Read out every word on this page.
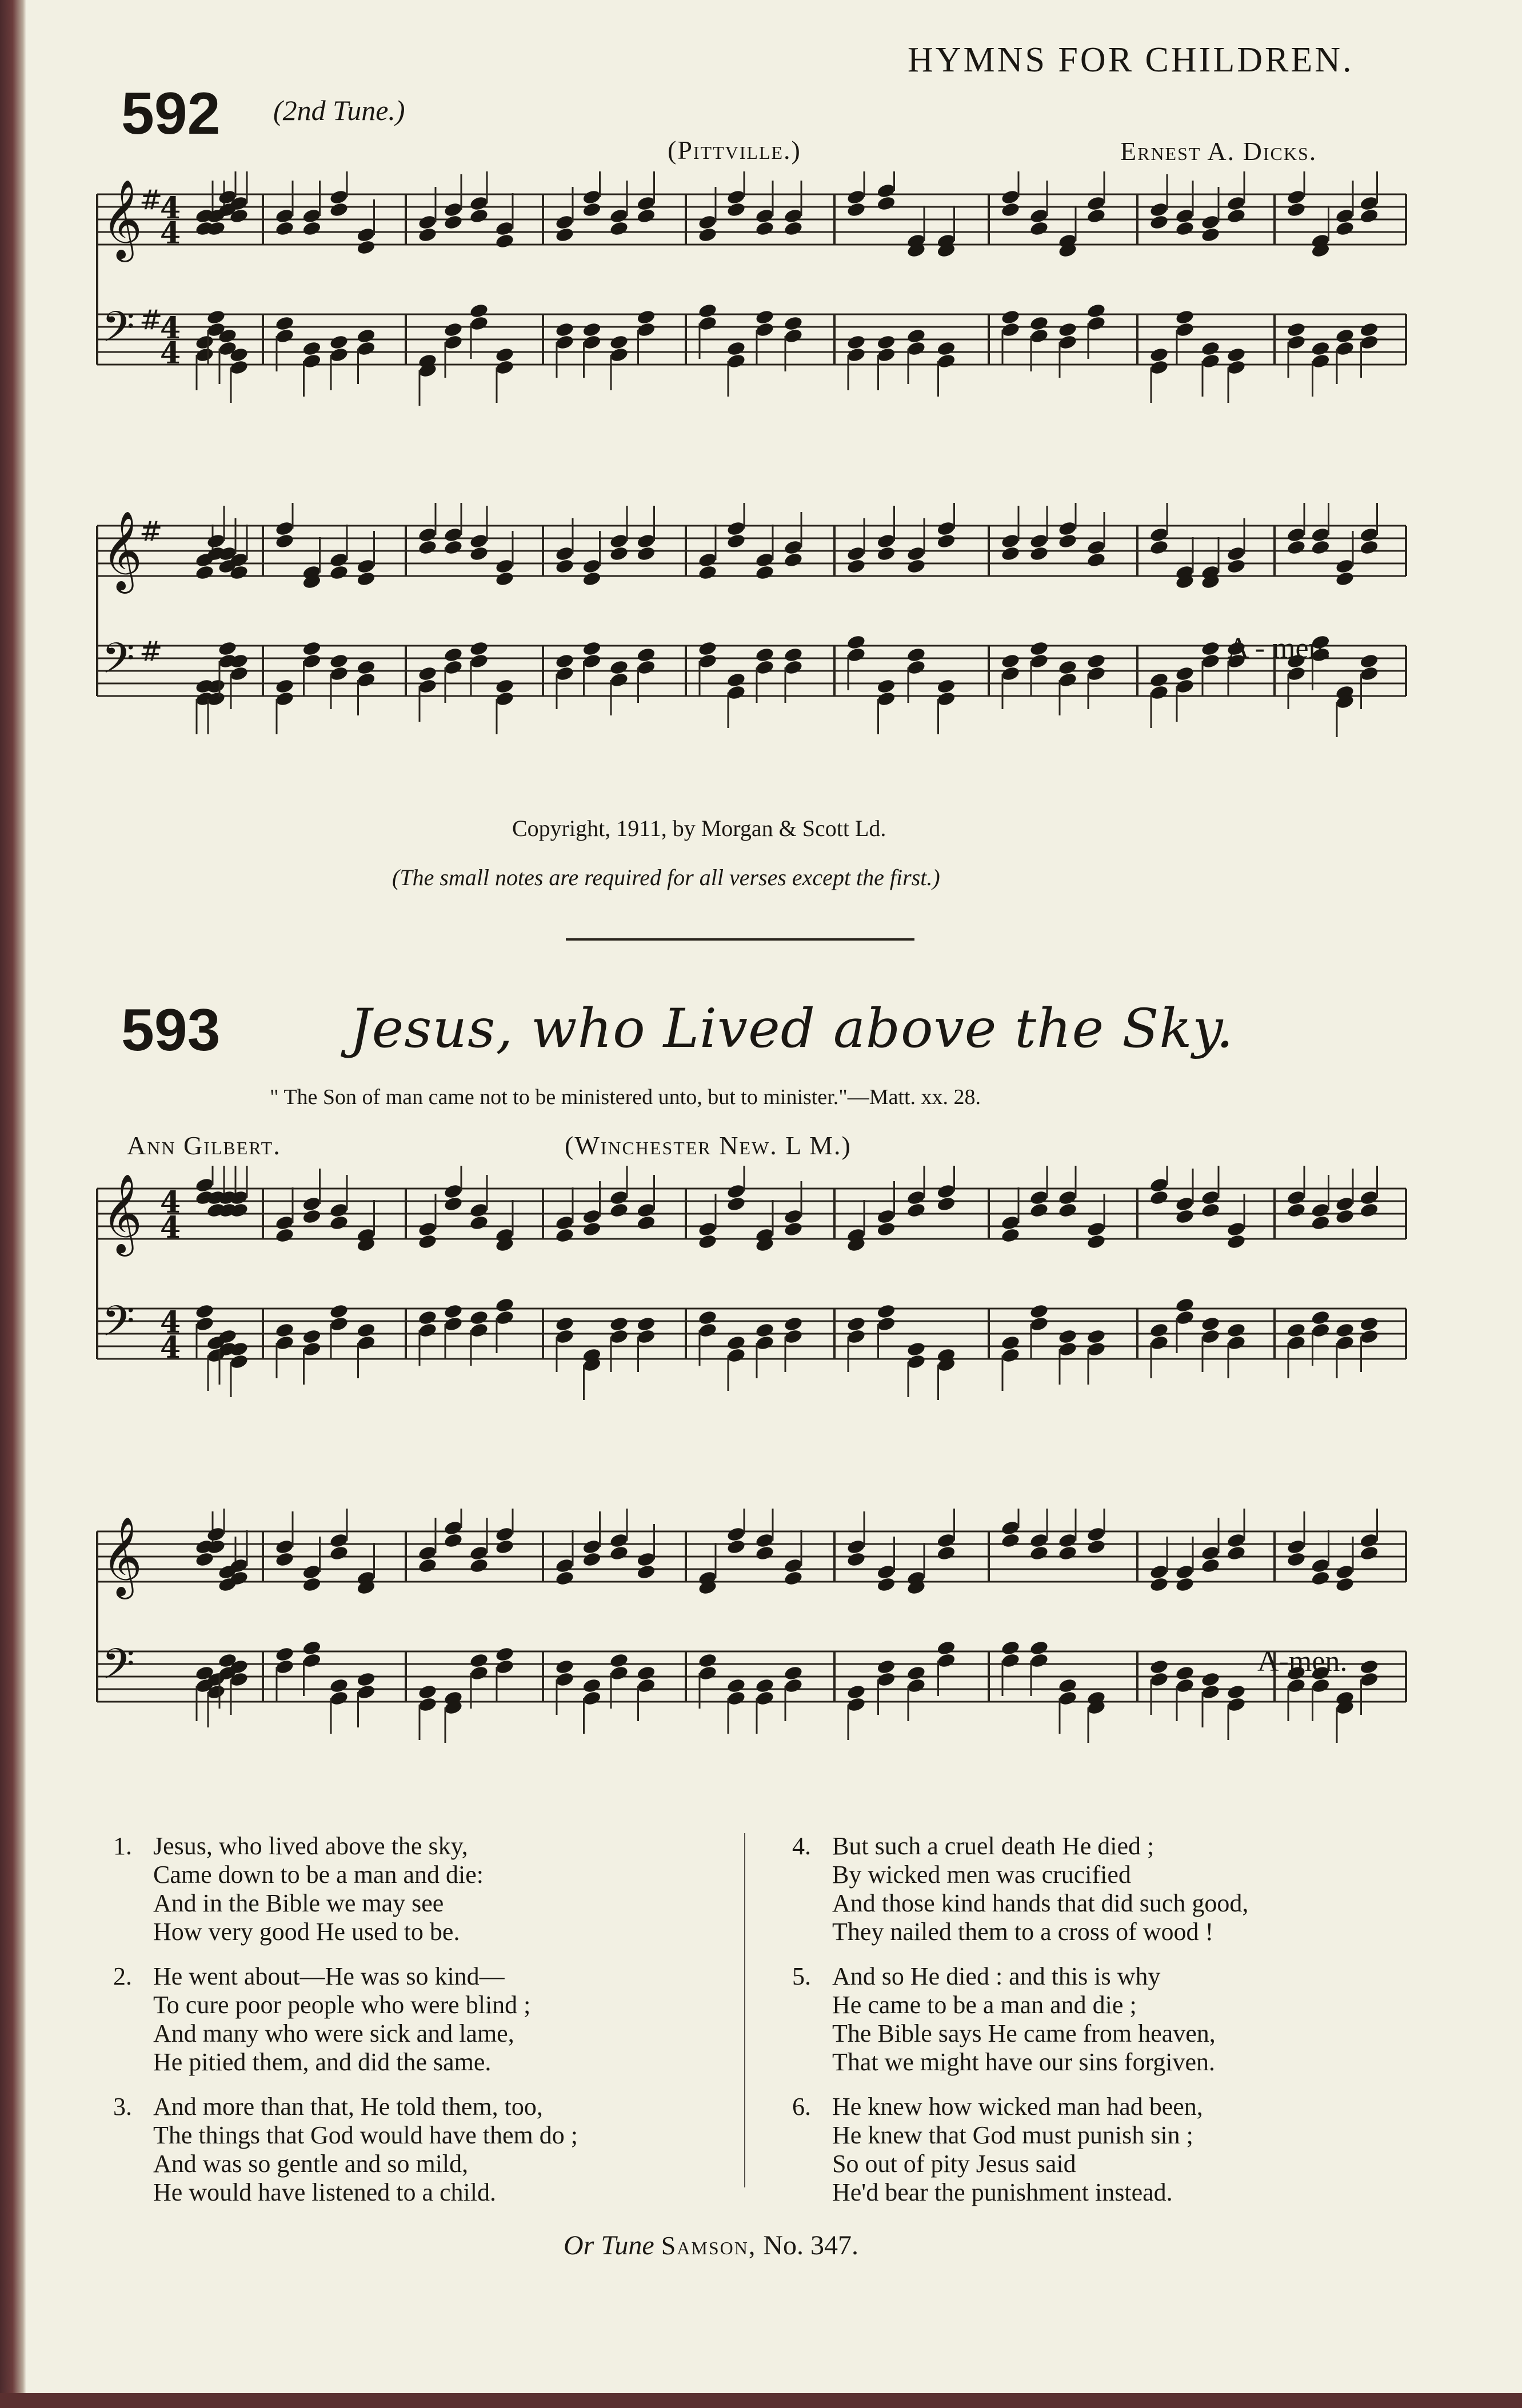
HYMNS FOR CHILDREN.
592 (2nd Tune.)
(Pittville.)	Ernest A. Dicks.
𝄞
#
4
4
𝄢 #
4
4
𝄞
#
𝄢 #	A - men.
Copyright, 1911, by Morgan & Scott Ld.
(The small notes are required for all verses except the first.)
593 Jesus, who Lived above the Sky.
" The Son of man came not to be ministered unto, but to minister."—Matt. xx. 28.
Ann Gilbert.	(Winchester New. L M.)
𝄞 4
4
𝄢 4
4
𝄞
𝄢	A-men.
1. Jesus, who lived above the sky,
Came down to be a man and die:
And in the Bible we may see
How very good He used to be.
2. He went about—He was so kind—
To cure poor people who were blind ;
And many who were sick and lame,
He pitied them, and did the same.
3. And more than that, He told them, too,
The things that God would have them do ;
And was so gentle and so mild,
He would have listened to a child.
4. But such a cruel death He died ;
By wicked men was crucified
And those kind hands that did such good,
They nailed them to a cross of wood !
5. And so He died : and this is why
He came to be a man and die ;
The Bible says He came from heaven,
That we might have our sins forgiven.
6. He knew how wicked man had been,
He knew that God must punish sin ;
So out of pity Jesus said
He'd bear the punishment instead.
Or Tune Samson, No. 347.
